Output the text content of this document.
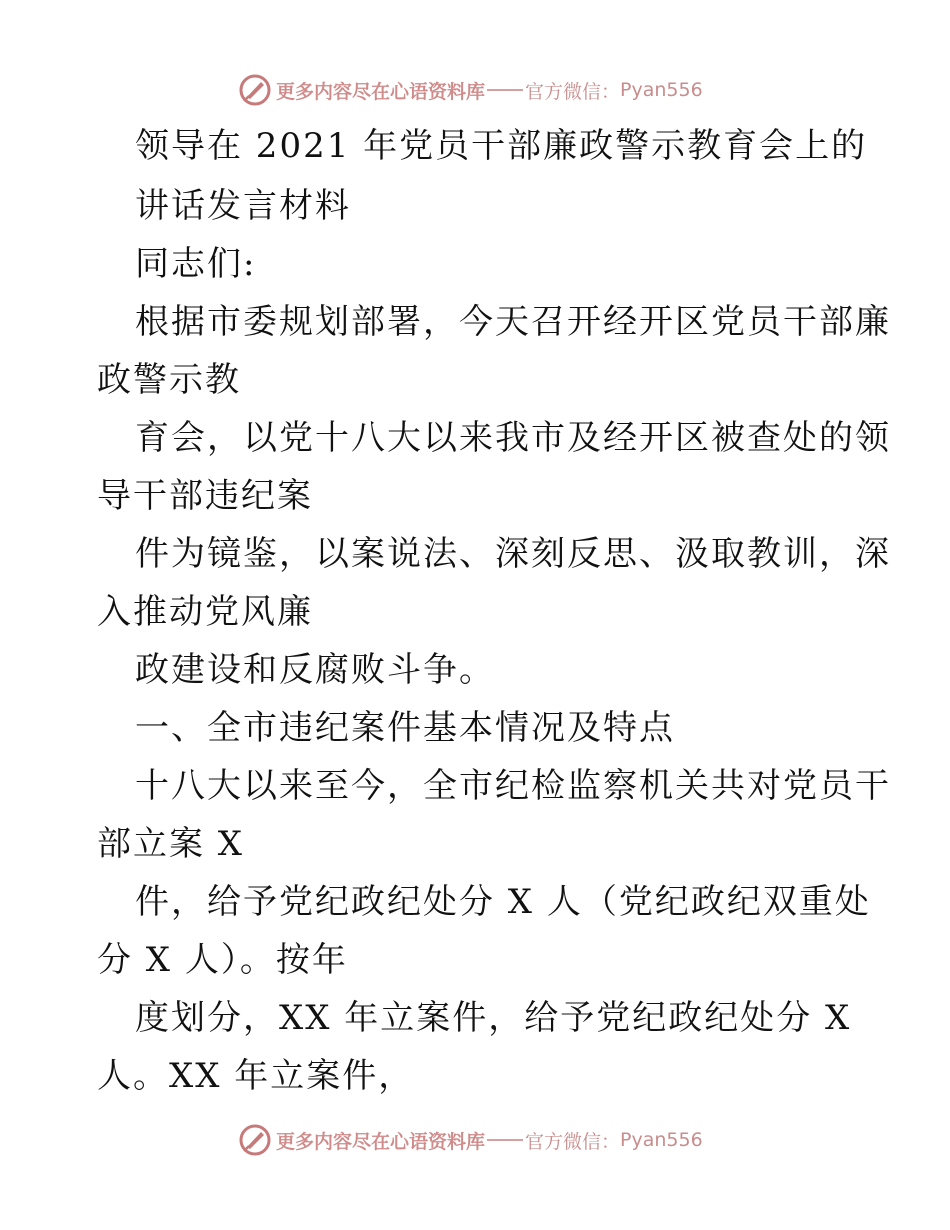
更多内容尽在心语资料库 官方微信： Pyan556
领导在 2021 年党员干部廉政警示教育会上的
讲话发言材料
同志们:
根据市委规划部署，今天召开经开区党员干部廉
政警示教
育会，以党十八大以来我市及经开区被查处的领
导干部违纪案
件为镜鉴，以案说法、深刻反思、汲取教训，深
入推动党风廉
政建设和反腐败斗争。
一、全市违纪案件基本情况及特点
十八大以来至今，全市纪检监察机关共对党员干
部立案 X
件，给予党纪政纪处分 X 人（党纪政纪双重处
分 X 人）。按年
度划分，XX 年立案件，给予党纪政纪处分 X
人。XX 年立案件，
更多内容尽在心语资料库 官方微信： Pyan556
